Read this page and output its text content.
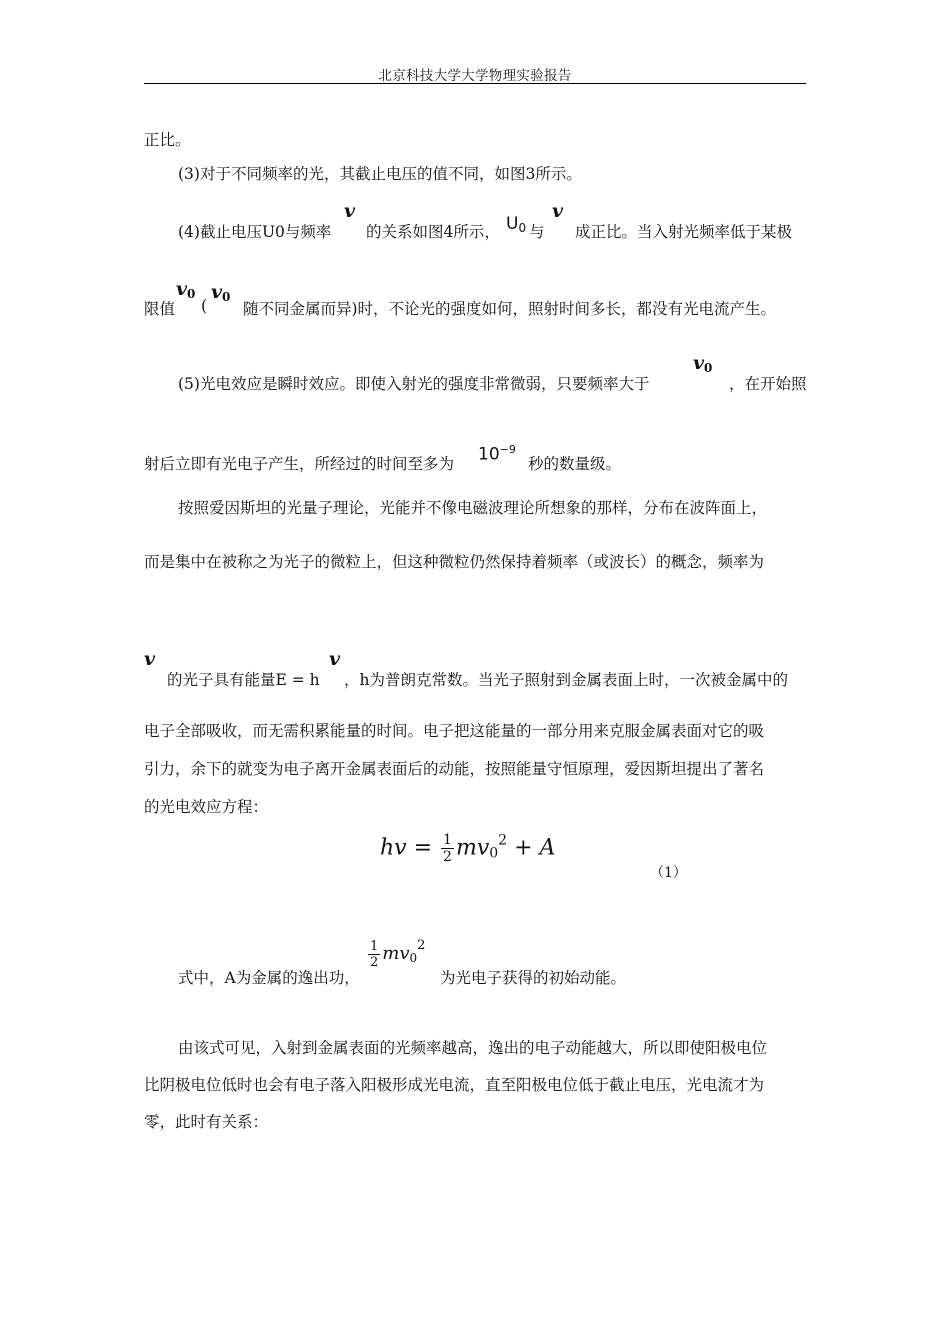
北京科技大学大学物理实验报告
正比。
(3)对于不同频率的光，其截止电压的值不同，如图3所示。
(4)截止电压U0与频率
v
的关系如图4所示， $U_0$ 与
v
成正比。当入射光频率低于某极
限值
$v_0$
(
$v_0$
随不同金属而异)时，不论光的强度如何，照射时间多长，都没有光电流产生。
(5)光电效应是瞬时效应。即使入射光的强度非常微弱，只要频率大于
$v_0$
，在开始照
射后立即有光电子产生，所经过的时间至多为 $10^{-9}$
秒的数量级。
按照爱因斯坦的光量子理论，光能并不像电磁波理论所想象的那样，分布在波阵面上，
而是集中在被称之为光子的微粒上，但这种微粒仍然保持着频率（或波长）的概念，频率为
v
的光子具有能量E = h
v
，h为普朗克常数。当光子照射到金属表面上时，一次被金属中的
电子全部吸收，而无需积累能量的时间。电子把这能量的一部分用来克服金属表面对它的吸
引力，余下的就变为电子离开金属表面后的动能，按照能量守恒原理，爱因斯坦提出了著名
的光电效应方程：
hv = $\frac{1}{2} mv_0^2 + A$
（1）
$\frac{1}{2} mv_0^2$
式中，A为金属的逸出功，	为光电子获得的初始动能。
由该式可见，入射到金属表面的光频率越高，逸出的电子动能越大，所以即使阳极电位
比阴极电位低时也会有电子落入阳极形成光电流，直至阳极电位低于截止电压，光电流才为
零，此时有关系：
